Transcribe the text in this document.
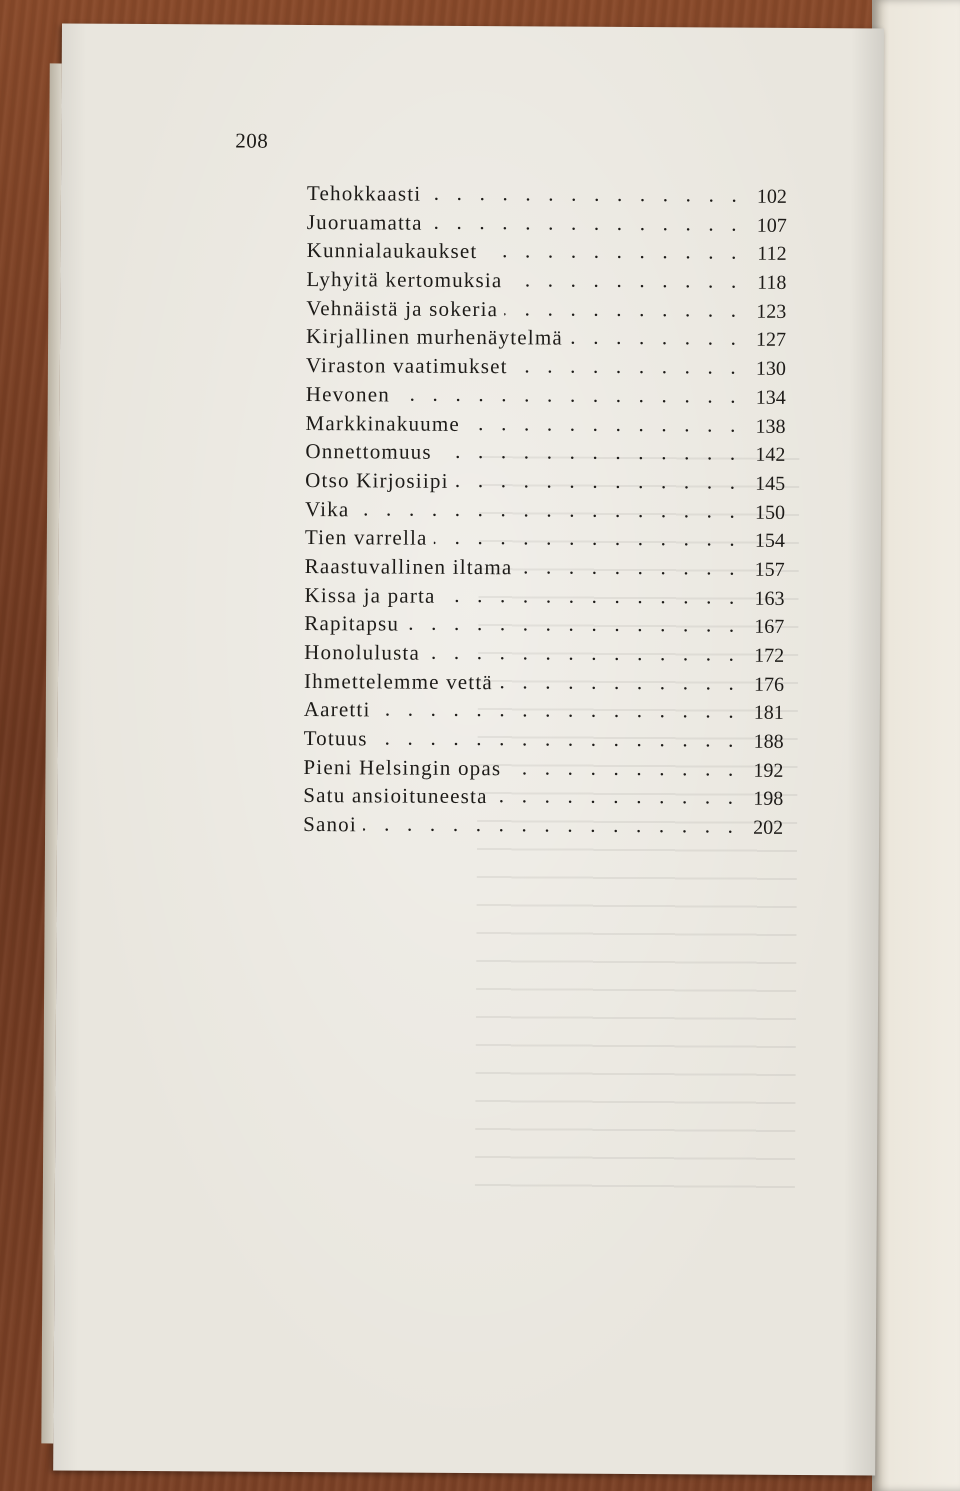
208
Tehokkaasti . . .	102
Juoruamatta . . .	107
Kunnialaukaukset . . .	112
Lyhyitä kertomuksia . . .	118
Vehnäistä ja sokeria . . .	123
Kirjallinen murhenäytelmä . . .	127
Viraston vaatimukset . . .	130
Hevonen . . .	134
Markkinakuume . . .	138
Onnettomuus . . .	142
Otso Kirjosiipi . . .	145
Vika . . .	150
Tien varrella . . .	154
Raastuvallinen iltama . . .	157
Kissa ja parta . . .	163
Rapitapsu . . .	167
Honolulusta . . .	172
Ihmettelemme vettä . . .	176
Aaretti . . .	181
Totuus . . .	188
Pieni Helsingin opas . . .	192
Satu ansioituneesta . . .	198
Sanoi . . .	202
